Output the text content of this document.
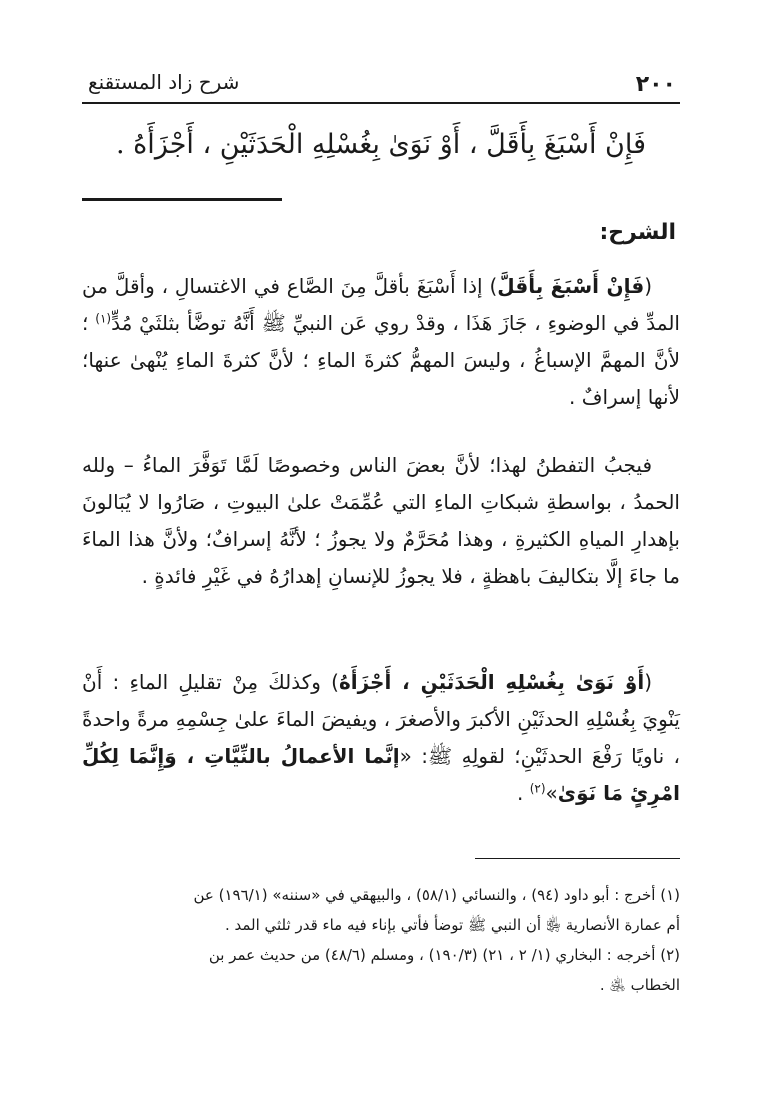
٢٠٠
شرح زاد المستقنع
فَإِنْ أَسْبَغَ بِأَقَلَّ ، أَوْ نَوَىٰ بِغُسْلِهِ الْحَدَثَيْنِ ، أَجْزَأَهُ .
الشرح:
(فَإِنْ أَسْبَغَ بِأَقَلَّ) إذا أَسْبَغَ بأقلَّ مِنَ الصَّاع في الاغتسالِ ، وأقلَّ من المدِّ في الوضوءِ ، جَازَ هَذَا ، وقدْ روي عَن النبيِّ ﷺ أَنَّهُ توضَّأ بثلثَيْ مُدٍّ$^{(١)}$ ؛ لأنَّ المهمَّ الإسباغُ ، وليسَ المهمُّ كثرةَ الماءِ ؛ لأنَّ كثرةَ الماءِ يُنْهىٰ عنها؛ لأنها إسرافٌ .
فيجبُ التفطنُ لهذا؛ لأنَّ بعضَ الناس وخصوصًا لَمَّا تَوَفَّرَ الماءُ – ولله الحمدُ ، بواسطةِ شبكاتِ الماءِ التي عُمِّمَتْ علىٰ البيوتِ ، صَارُوا لا يُبَالونَ بإهدارِ المياهِ الكثيرةِ ، وهذا مُحَرَّمٌ ولا يجوزُ ؛ لأنَّهُ إسرافٌ؛ ولأنَّ هذا الماءَ ما جاءَ إلَّا بتكاليفَ باهظةٍ ، فلا يجوزُ للإنسانِ إهدارُهُ في غَيْرِ فائدةٍ .
(أَوْ نَوَىٰ بِغُسْلِهِ الْحَدَثَيْنِ ، أَجْزَأَهُ) وكذلكَ مِنْ تقليلِ الماءِ : أَنْ يَنْوِيَ بِغُسْلِهِ الحدثَيْنِ الأكبرَ والأصغرَ ، ويفيضَ الماءَ علىٰ جِسْمِهِ مرةً واحدةً ، ناويًا رَفْعَ الحدثَيْنِ؛ لقولِهِ ﷺ: «إنَّما الأعمالُ بالنِّيَّاتِ ، وَإِنَّمَا لِكُلِّ امْرِئٍ مَا نَوَىٰ»$^{(٢)}$ .

(١) أخرج : أبو داود (٩٤) ، والنسائي (٥٨/١) ، والبيهقي في «سننه» (١٩٦/١) عن

أم عمارة الأنصارية ﵂ أن النبي ﷺ توضأ فأتي بإناء فيه ماء قدر ثلثي المد .

(٢) أخرجه : البخاري (١/ ٢ ، ٢١) (١٩٠/٣) ، ومسلم (٤٨/٦) من حديث عمر بن

الخطاب ﵁ .
